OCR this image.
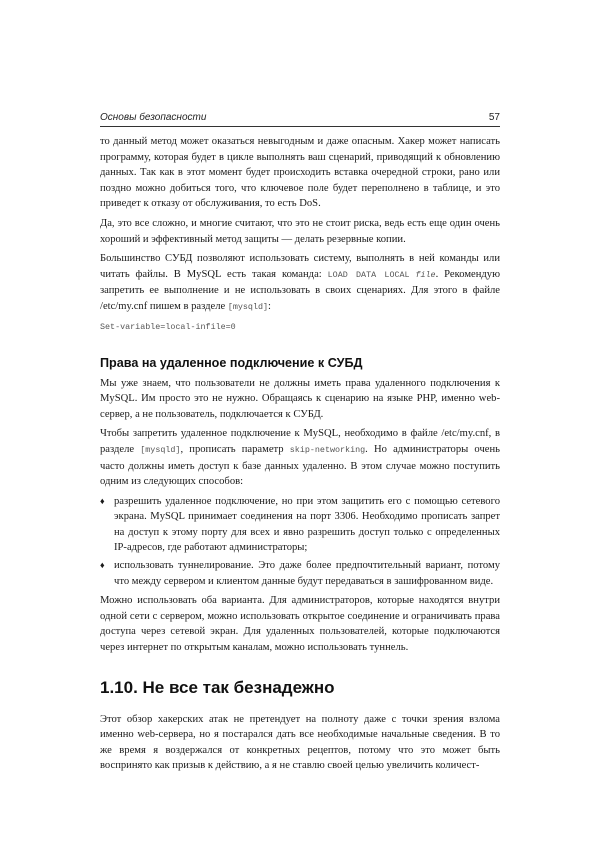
Основы безопасности	57

то данный метод может оказаться невыгодным и даже опасным. Хакер может написать программу, которая будет в цикле выполнять ваш сценарий, приводящий к обновлению данных. Так как в этот момент будет происходить вставка очередной строки, рано или поздно можно добиться того, что ключевое поле будет переполнено в таблице, и это приведет к отказу от обслуживания, то есть DoS.

Да, это все сложно, и многие считают, что это не стоит риска, ведь есть еще один очень хороший и эффективный метод защиты — делать резервные копии.

Большинство СУБД позволяют использовать систему, выполнять в ней команды или читать файлы. В MySQL есть такая команда: LOAD DATA LOCAL file. Рекомендую запретить ее выполнение и не использовать в своих сценариях. Для этого в файле /etc/my.cnf пишем в разделе [mysqld]:

Set-variable=local-infile=0
Права на удаленное подключение к СУБД

Мы уже знаем, что пользователи не должны иметь права удаленного подключения к MySQL. Им просто это не нужно. Обращаясь к сценарию на языке PHP, именно web-сервер, а не пользователь, подключается к СУБД.

Чтобы запретить удаленное подключение к MySQL, необходимо в файле /etc/my.cnf, в разделе [mysqld], прописать параметр skip-networking. Но администраторы очень часто должны иметь доступ к базе данных удаленно. В этом случае можно поступить одним из следующих способов:

♦ разрешить удаленное подключение, но при этом защитить его с помощью сетевого экрана. MySQL принимает соединения на порт 3306. Необходимо прописать запрет на доступ к этому порту для всех и явно разрешить доступ только с определенных IP-адресов, где работают администраторы;
♦ использовать туннелирование. Это даже более предпочтительный вариант, потому что между сервером и клиентом данные будут передаваться в зашифрованном виде.

Можно использовать оба варианта. Для администраторов, которые находятся внутри одной сети с сервером, можно использовать открытое соединение и ограничивать права доступа через сетевой экран. Для удаленных пользователей, которые подключаются через интернет по открытым каналам, можно использовать туннель.

1.10. Не все так безнадежно

Этот обзор хакерских атак не претендует на полноту даже с точки зрения взлома именно web-сервера, но я постарался дать все необходимые начальные сведения. В то же время я воздержался от конкретных рецептов, потому что это может быть воспринято как призыв к действию, а я не ставлю своей целью увеличить количест-
